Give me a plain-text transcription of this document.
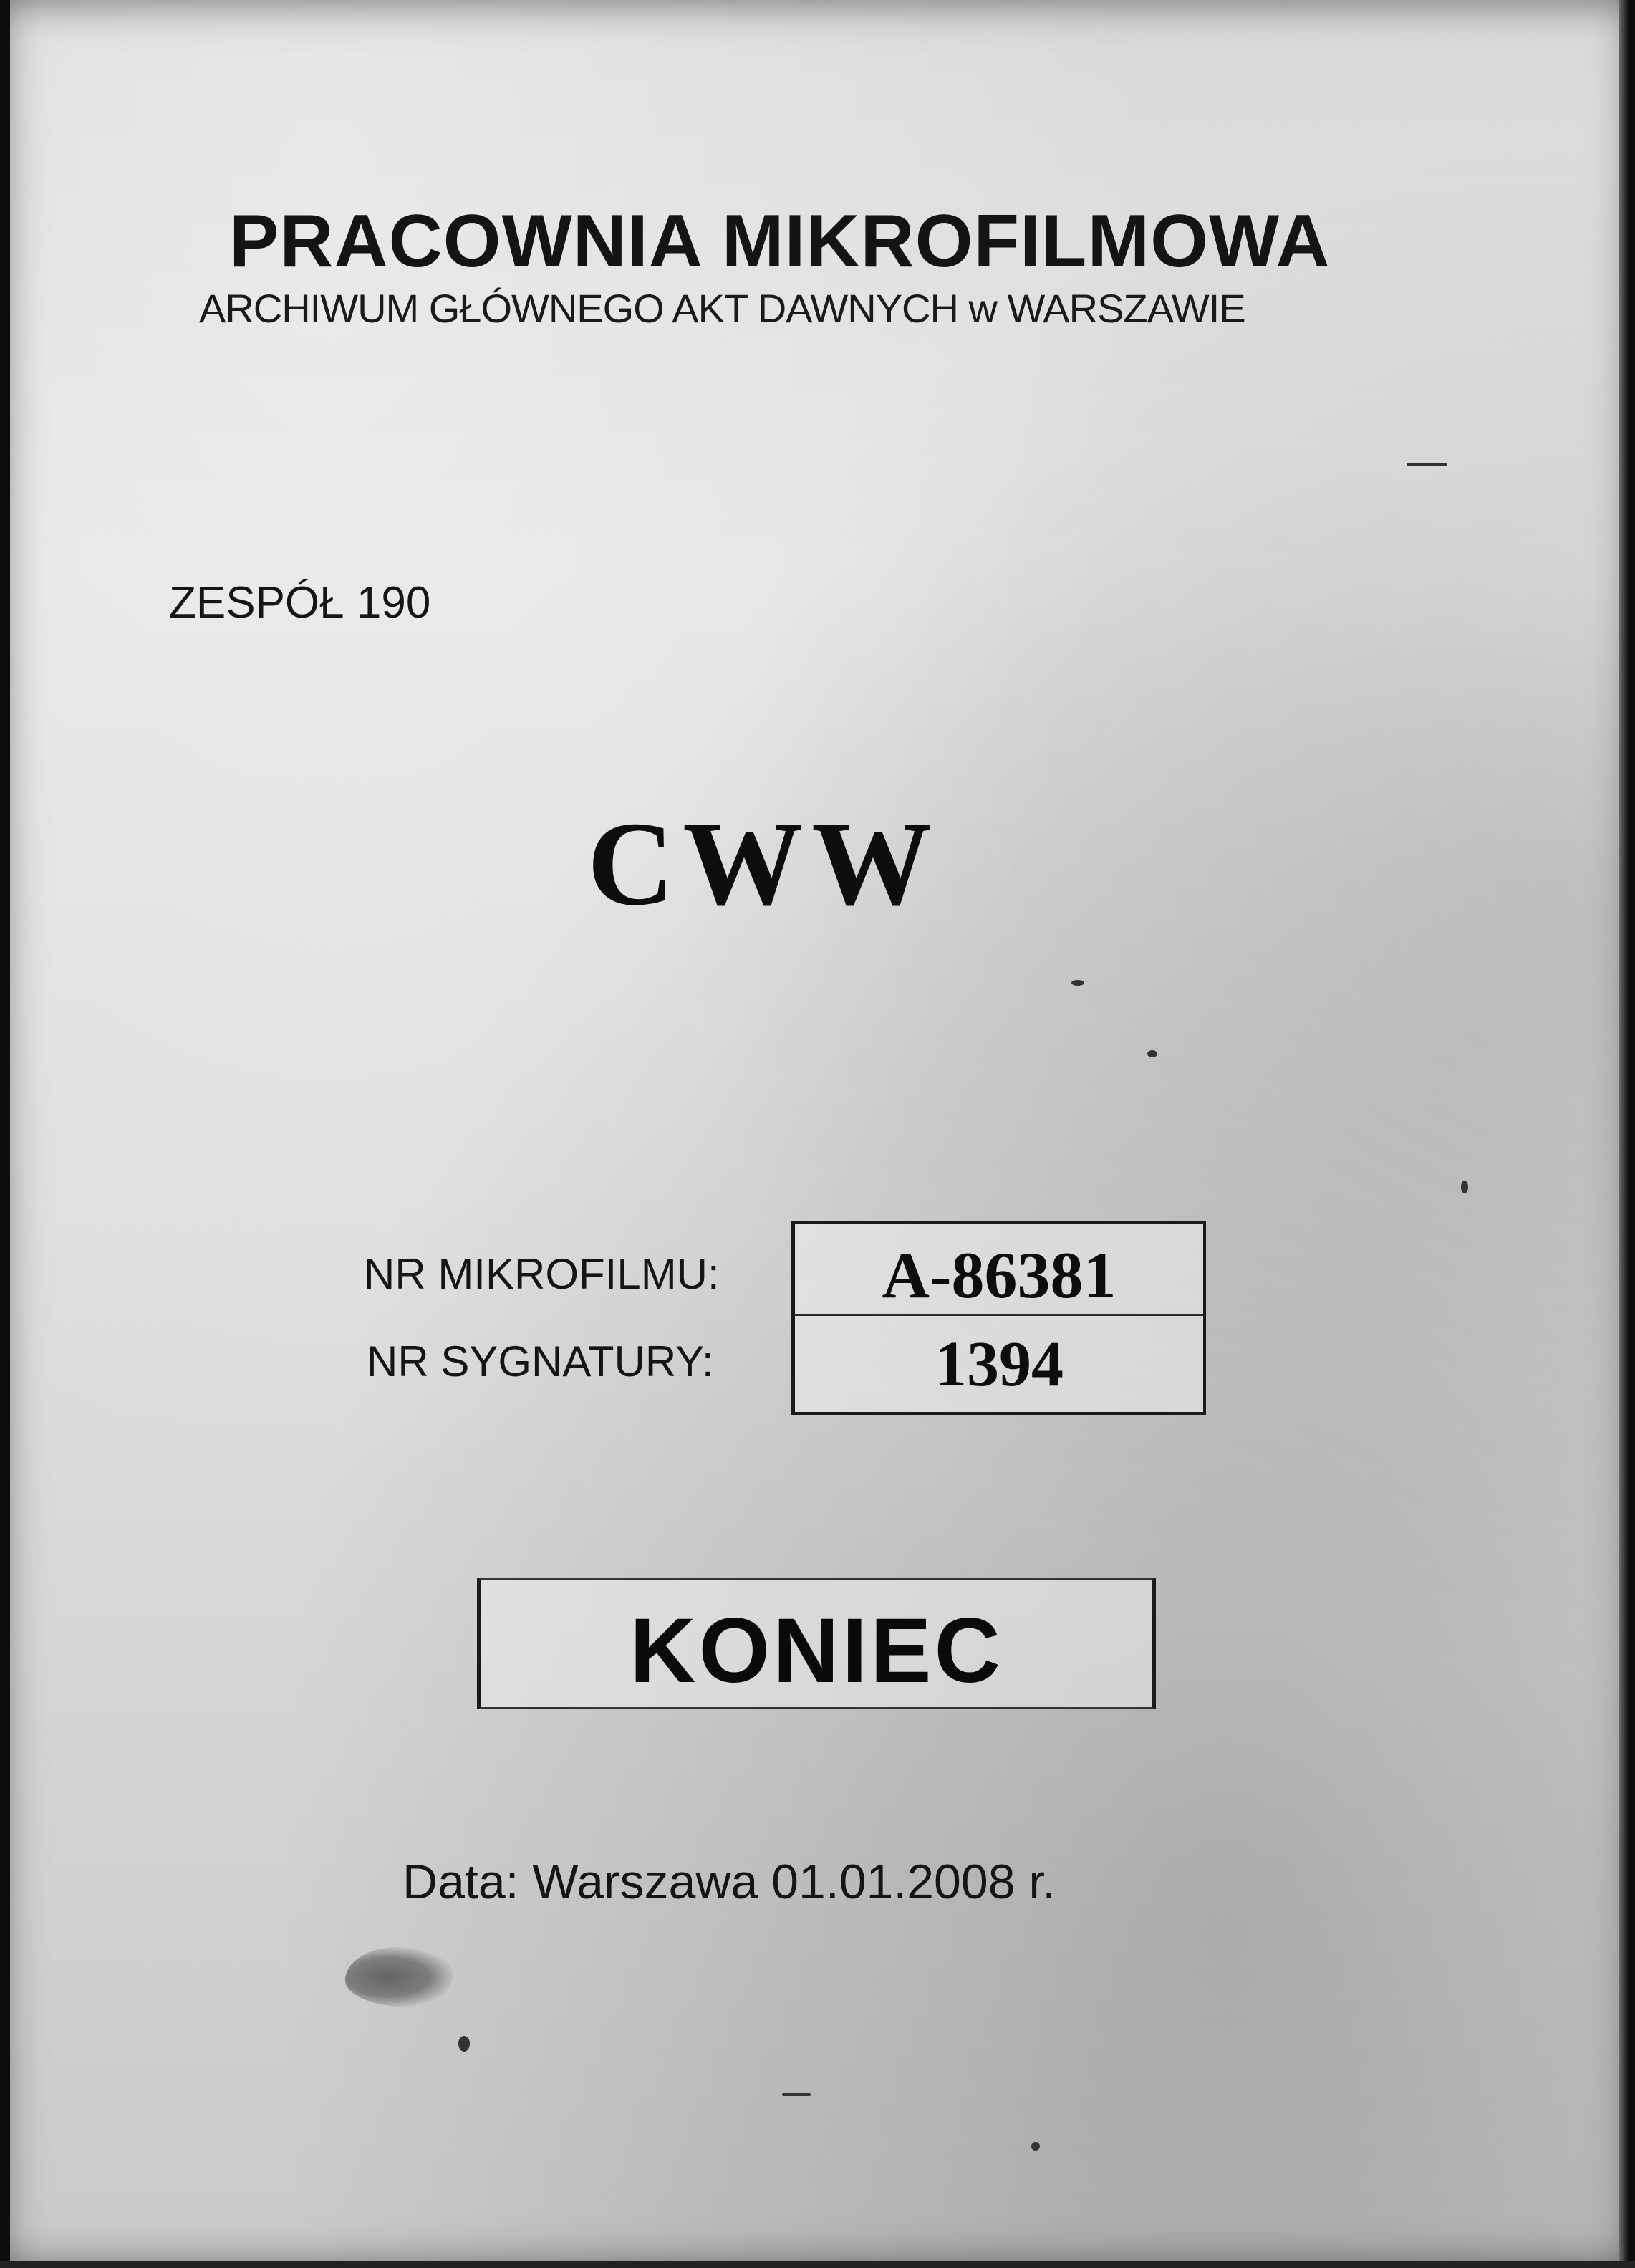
PRACOWNIA MIKROFILMOWA
ARCHIWUM GŁÓWNEGO AKT DAWNYCH w WARSZAWIE
ZESPÓŁ 190
CWW
NR MIKROFILMU:
NR SYGNATURY:
A-86381
1394
KONIEC
Data: Warszawa 01.01.2008 r.
